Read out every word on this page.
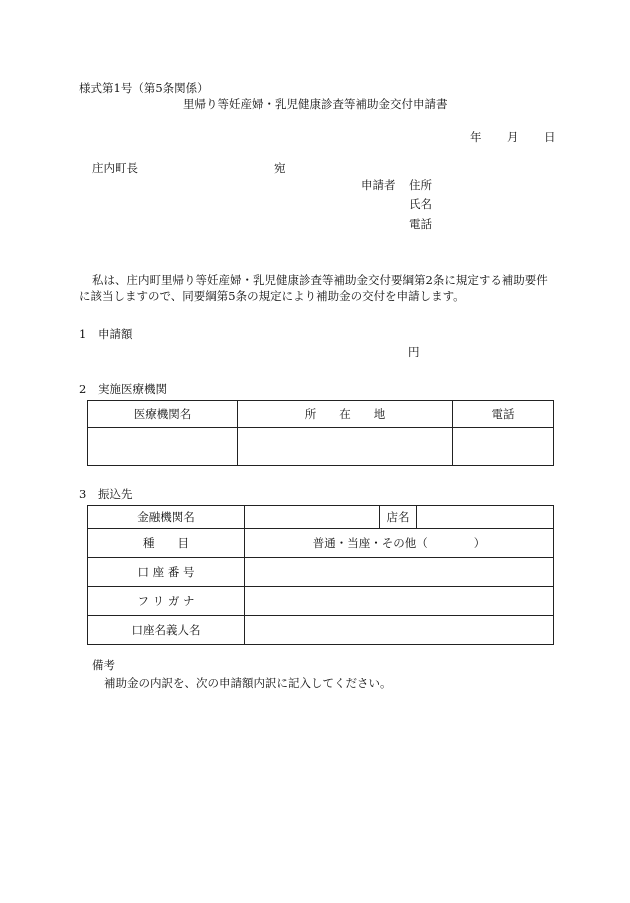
様式第1号（第5条関係）
里帰り等妊産婦・乳児健康診査等補助金交付申請書
年 月 日
庄内町長	宛
申請者 住所
氏名
電話
私は、庄内町里帰り等妊産婦・乳児健康診査等補助金交付要綱第2条に規定する補助要件
に該当しますので、同要綱第5条の規定により補助金の交付を申請します。
1 申請額
円
2 実施医療機関
医療機関名	所　　在　　地	電話

3 振込先
金融機関名		店名	
種　　目	普通・当座・その他（　　　　）		
口 座 番 号			
フ リ ガ ナ			
口座名義人名			
備考
補助金の内訳を、次の申請額内訳に記入してください。
